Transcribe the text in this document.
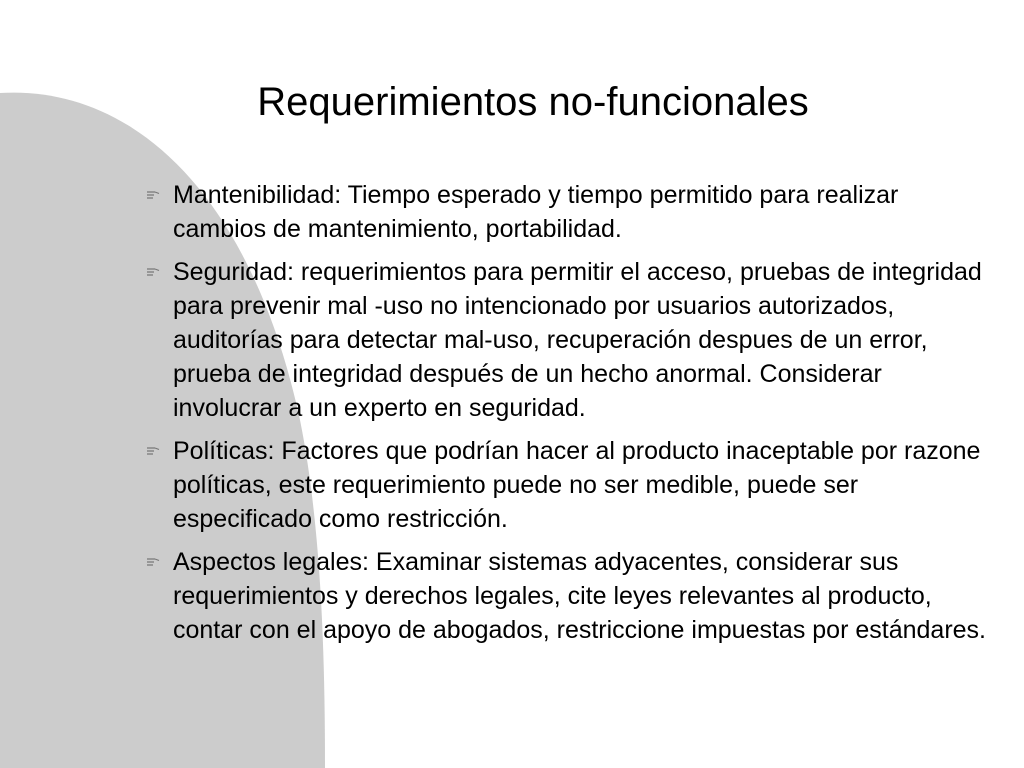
Requerimientos no-funcionales
Mantenibilidad: Tiempo esperado y tiempo permitido para realizar cambios de mantenimiento, portabilidad.
Seguridad: requerimientos para permitir el acceso, pruebas de integridad para prevenir mal -uso no intencionado por usuarios autorizados, auditorías para detectar mal-uso, recuperación despues de un error, prueba de integridad después de un hecho anormal. Considerar involucrar a un experto en seguridad.
Políticas: Factores que podrían hacer al producto inaceptable por razone políticas, este requerimiento puede no ser medible, puede ser especificado como restricción.
Aspectos legales: Examinar sistemas adyacentes, considerar sus requerimientos y derechos legales, cite leyes relevantes al producto, contar con el apoyo de abogados, restriccione impuestas por estándares.
